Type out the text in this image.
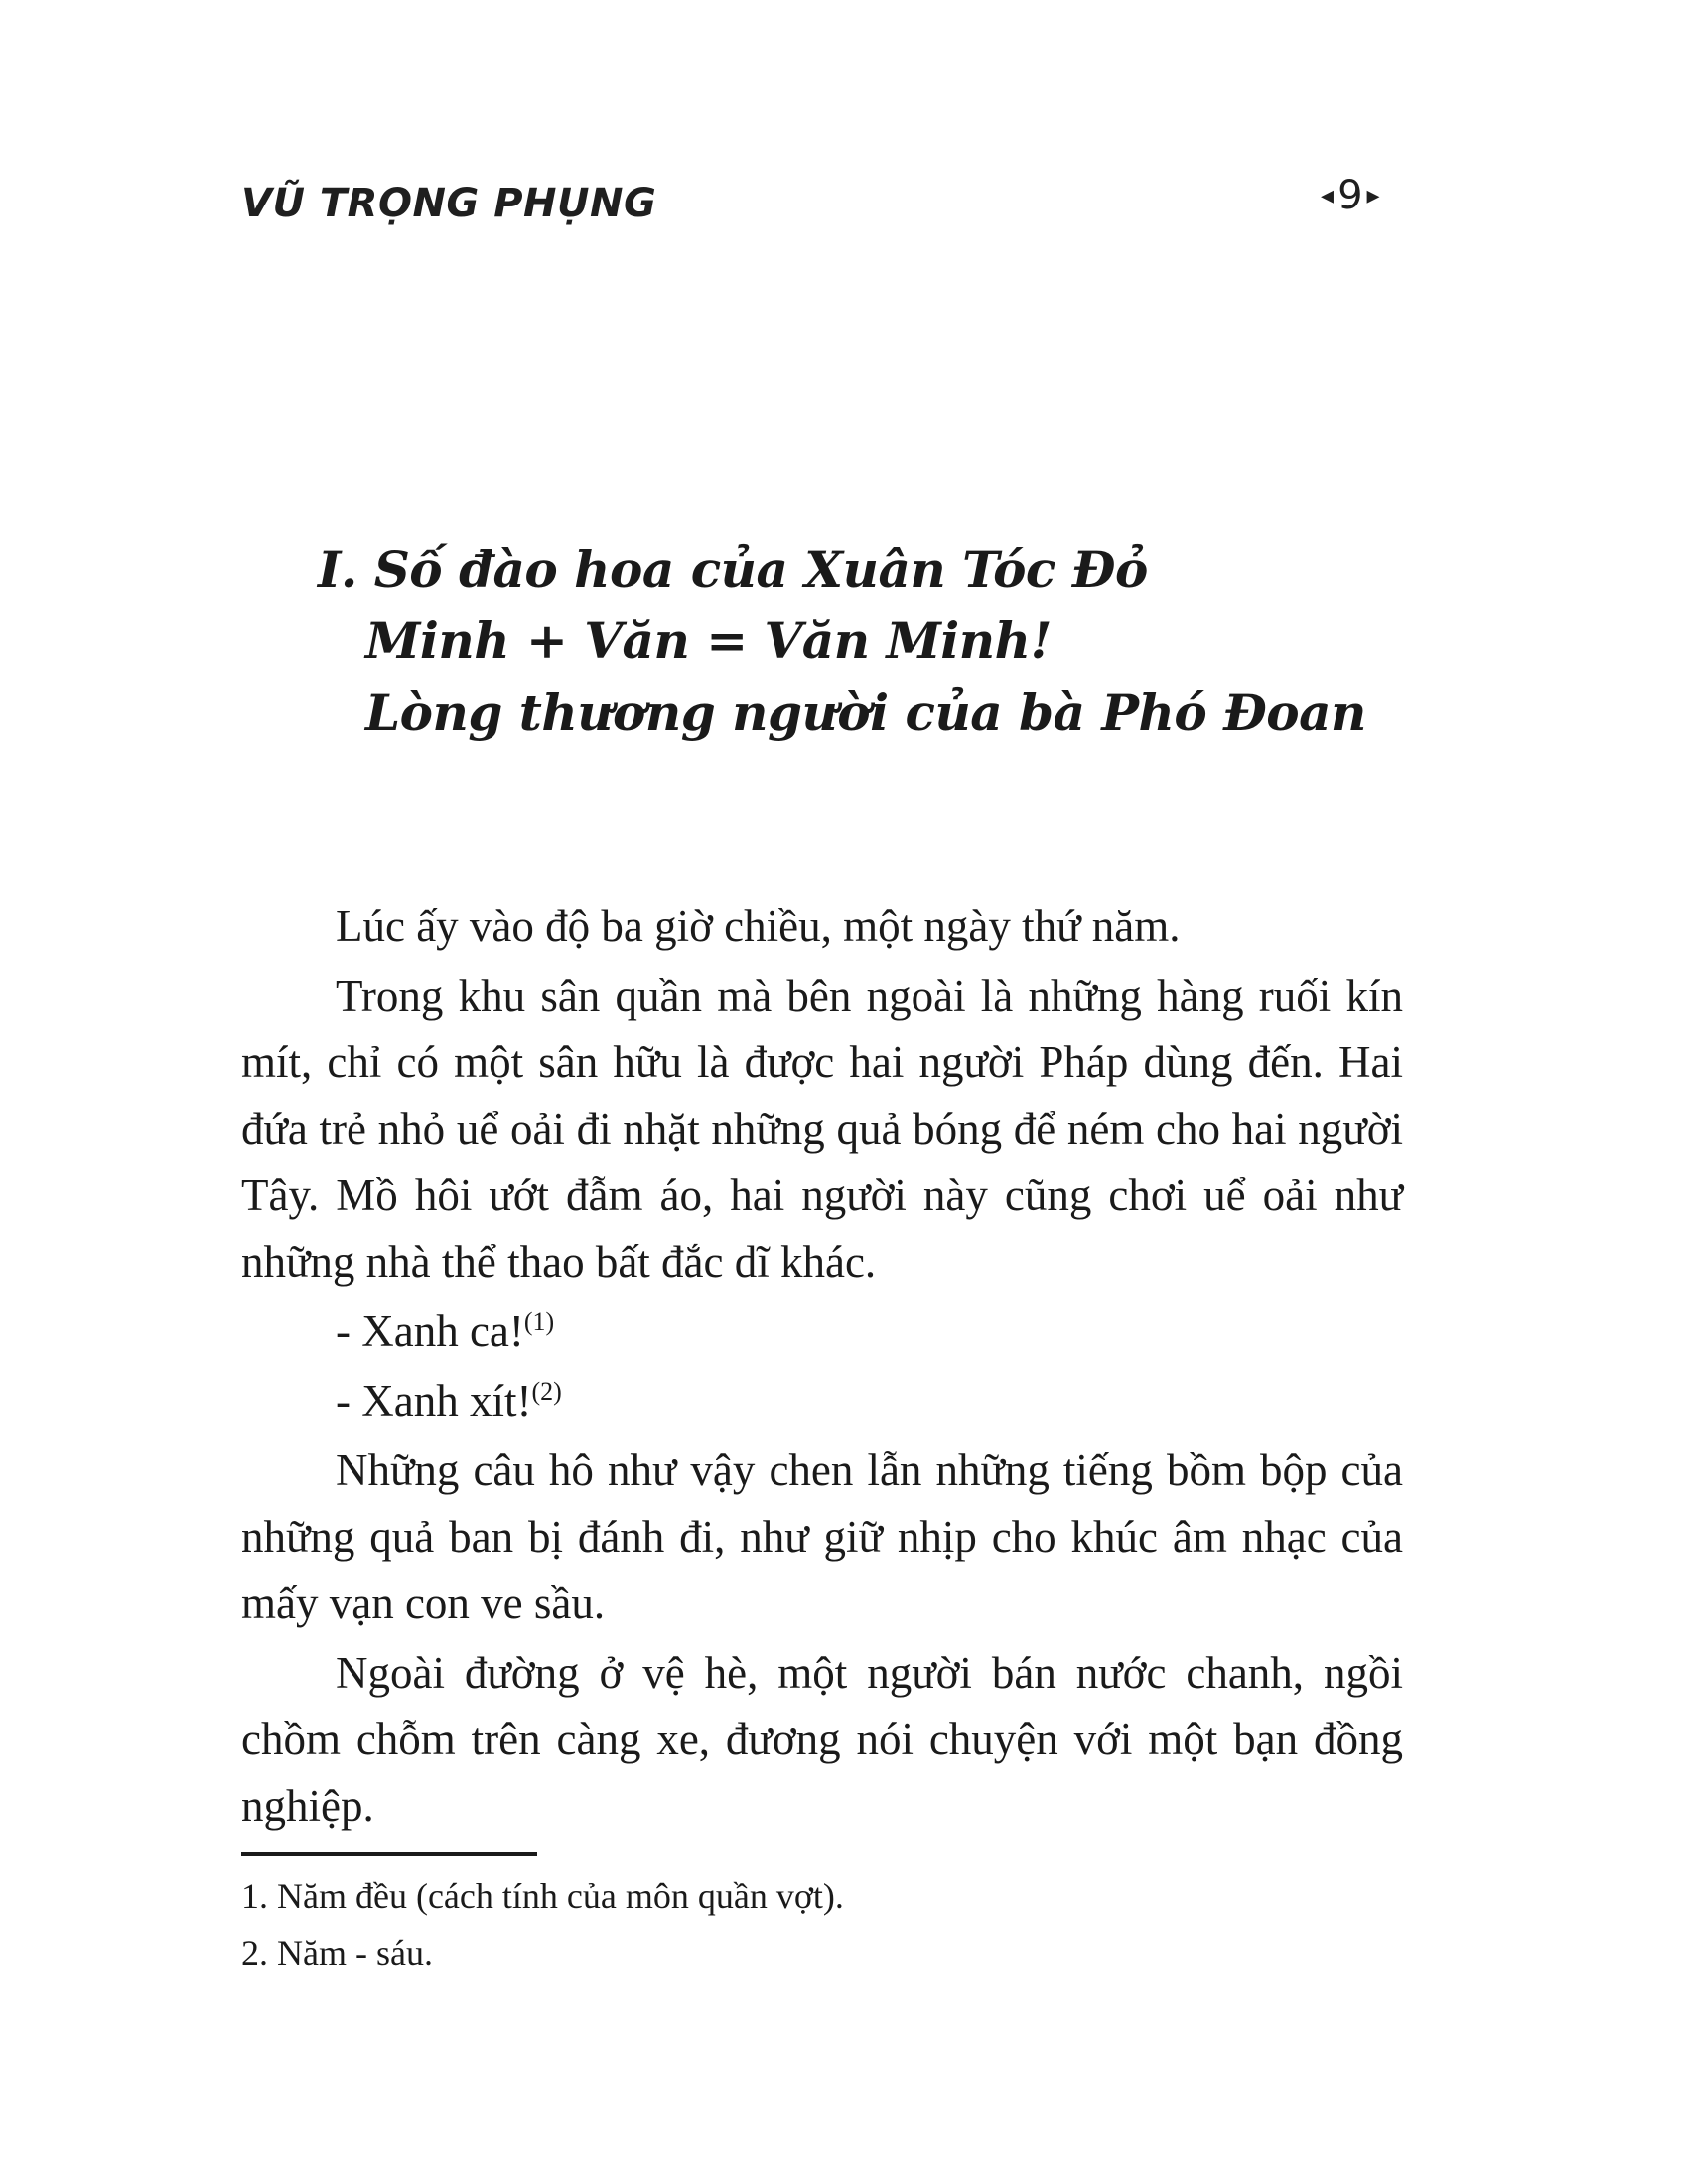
VŨ TRỌNG PHỤNG	◂ 9 ▸
I. Số đào hoa của Xuân Tóc Đỏ
Minh + Văn = Văn Minh!
Lòng thương người của bà Phó Đoan

Lúc ấy vào độ ba giờ chiều, một ngày thứ năm.

Trong khu sân quần mà bên ngoài là những hàng ruối kín mít, chỉ có một sân hữu là được hai người Pháp dùng đến. Hai đứa trẻ nhỏ uể oải đi nhặt những quả bóng để ném cho hai người Tây. Mồ hôi ướt đẫm áo, hai người này cũng chơi uể oải như những nhà thể thao bất đắc dĩ khác.

- Xanh ca!$^{(1)}$

- Xanh xít!$^{(2)}$

Những câu hô như vậy chen lẫn những tiếng bồm bộp của những quả ban bị đánh đi, như giữ nhịp cho khúc âm nhạc của mấy vạn con ve sầu.

Ngoài đường ở vệ hè, một người bán nước chanh, ngồi chồm chỗm trên càng xe, đương nói chuyện với một bạn đồng nghiệp.

1. Năm đều (cách tính của môn quần vợt).
2. Năm - sáu.
